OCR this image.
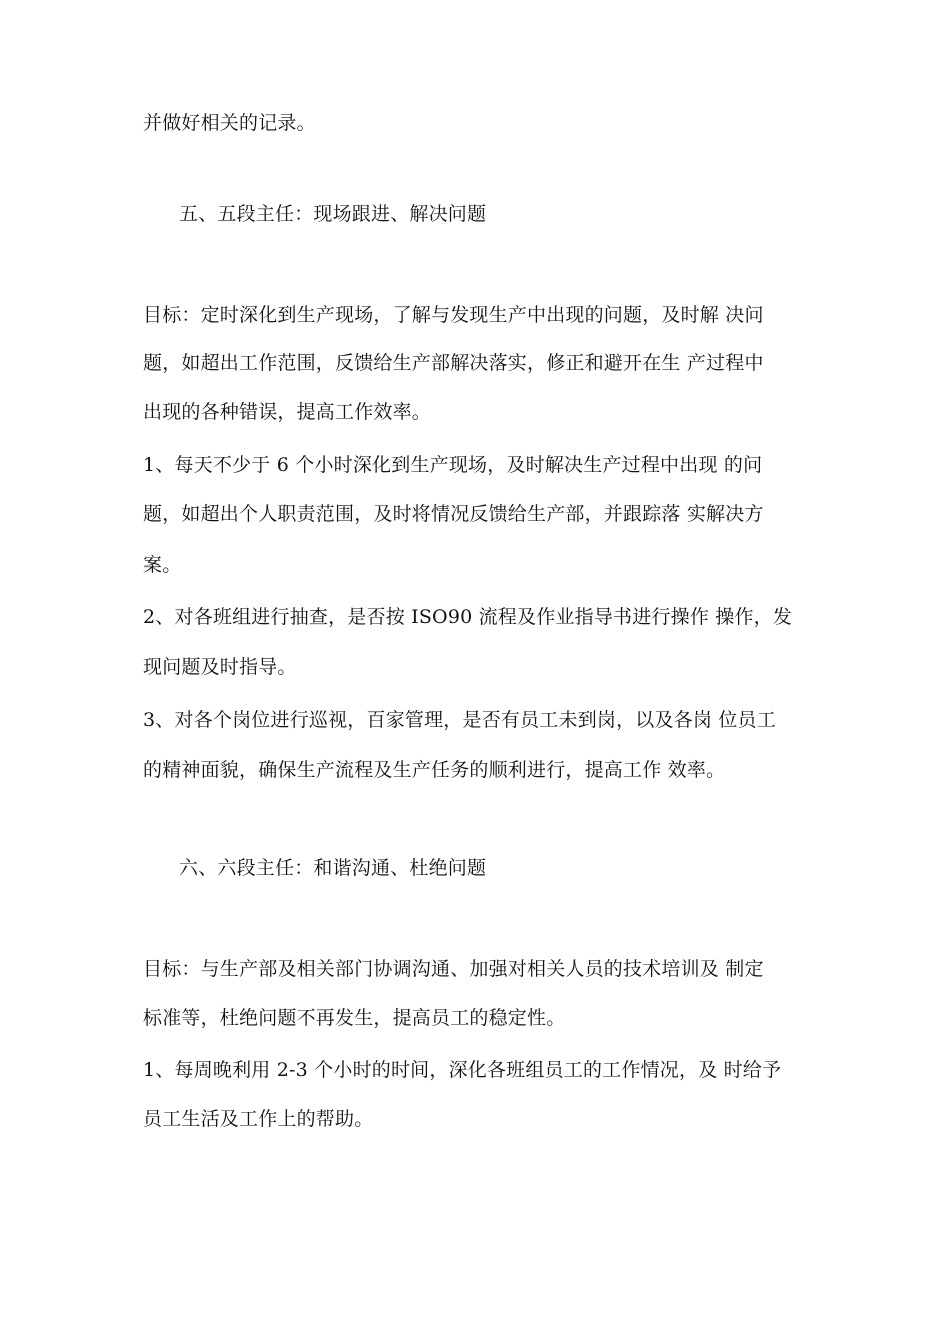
并做好相关的记录。
五、五段主任：现场跟进、解决问题
目标：定时深化到生产现场，了解与发现生产中出现的问题，及时解 决问
题，如超出工作范围，反馈给生产部解决落实，修正和避开在生 产过程中
出现的各种错误，提高工作效率。
1、每天不少于 6 个小时深化到生产现场，及时解决生产过程中出现 的问
题，如超出个人职责范围，及时将情况反馈给生产部，并跟踪落 实解决方
案。
2、对各班组进行抽查，是否按 ISO90 流程及作业指导书进行操作 操作，发
现问题及时指导。
3、对各个岗位进行巡视，百家管理，是否有员工未到岗，以及各岗 位员工
的精神面貌，确保生产流程及生产任务的顺利进行，提高工作 效率。
六、六段主任：和谐沟通、杜绝问题
目标：与生产部及相关部门协调沟通、加强对相关人员的技术培训及 制定
标准等，杜绝问题不再发生，提高员工的稳定性。
1、每周晚利用 2-3 个小时的时间，深化各班组员工的工作情况，及 时给予
员工生活及工作上的帮助。
